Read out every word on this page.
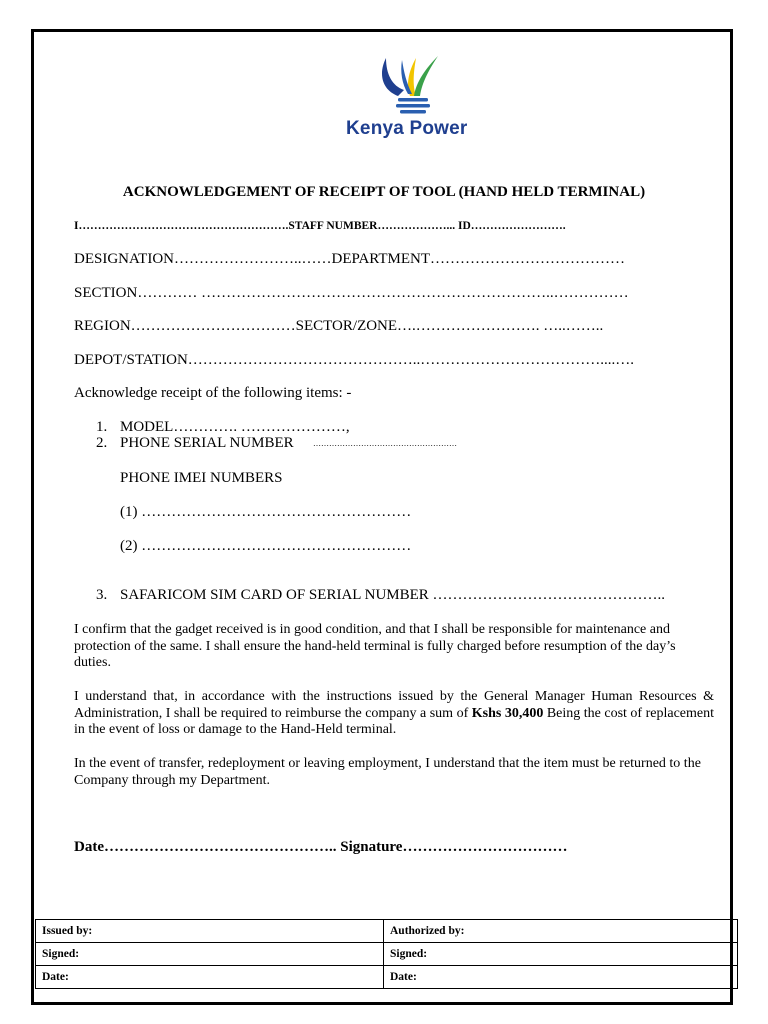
Kenya Power
ACKNOWLEDGEMENT OF RECEIPT OF TOOL (HAND HELD TERMINAL)
I……………………………………………….STAFF NUMBER………………... ID…………………….
DESIGNATION……………………..……DEPARTMENT…………………………………
SECTION………… ……………………………………………………………..……………
REGION……………………………SECTOR/ZONE….……………………. …..……..
DEPOT/STATION………………………………………..………………………………....….
Acknowledge receipt of the following items: -
1. MODEL…………. …………………,
2. PHONE SERIAL NUMBER ………………………………………………
PHONE IMEI NUMBERS
(1) ………………………………………………
(2) ………………………………………………
3. SAFARICOM SIM CARD OF SERIAL NUMBER ………………………………………..
I confirm that the gadget received is in good condition, and that I shall be responsible for maintenance and protection of the same. I shall ensure the hand-held terminal is fully charged before resumption of the day’s duties.
I understand that, in accordance with the instructions issued by the General Manager Human Resources & Administration, I shall be required to reimburse the company a sum of Kshs 30,400 Being the cost of replacement in the event of loss or damage to the Hand-Held terminal.
In the event of transfer, redeployment or leaving employment, I understand that the item must be returned to the Company through my Department.
Date……………………………………….. Signature……………………………
Issued by:	Authorized by:
Signed:	Signed:
Date:	Date:
